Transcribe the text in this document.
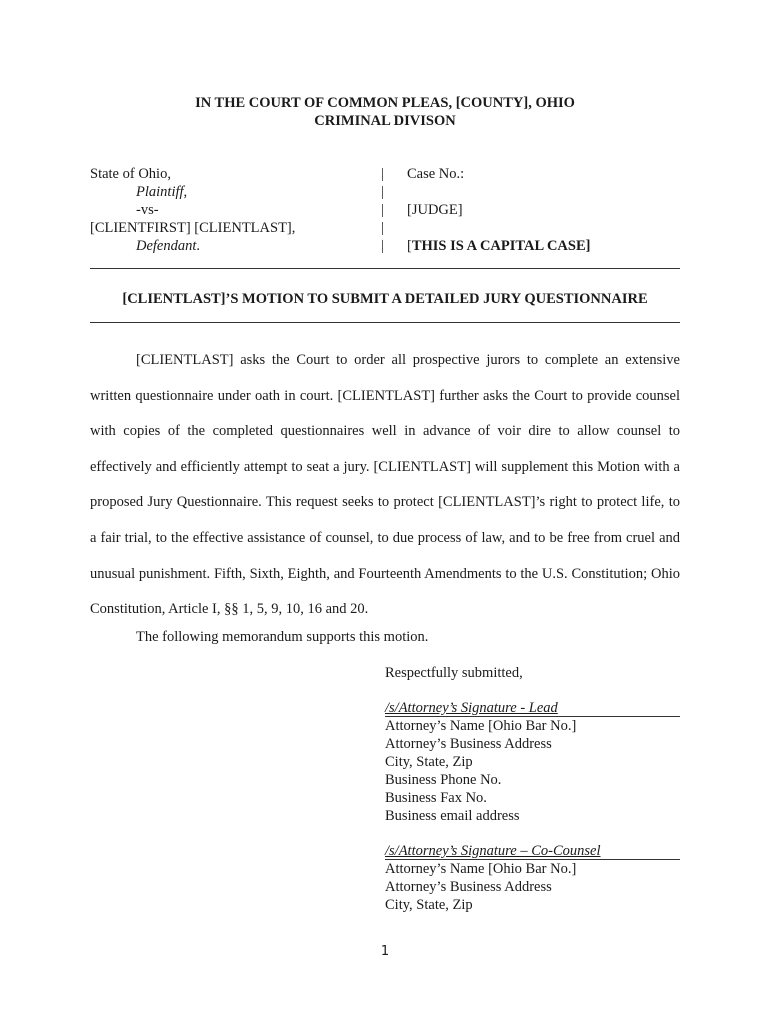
IN THE COURT OF COMMON PLEAS, [COUNTY], OHIO
CRIMINAL DIVISON
State of Ohio,
Plaintiff,
-vs-
[CLIENTFIRST] [CLIENTLAST],
Defendant.
|
|
|
|
|
Case No.:

[JUDGE]

[THIS IS A CAPITAL CASE]
[CLIENTLAST]’S MOTION TO SUBMIT A DETAILED JURY QUESTIONNAIRE
[CLIENTLAST] asks the Court to order all prospective jurors to complete an extensive written questionnaire under oath in court. [CLIENTLAST] further asks the Court to provide counsel with copies of the completed questionnaires well in advance of voir dire to allow counsel to effectively and efficiently attempt to seat a jury. [CLIENTLAST] will supplement this Motion with a proposed Jury Questionnaire. This request seeks to protect [CLIENTLAST]’s right to protect life, to a fair trial, to the effective assistance of counsel, to due process of law, and to be free from cruel and unusual punishment. Fifth, Sixth, Eighth, and Fourteenth Amendments to the U.S. Constitution; Ohio Constitution, Article I, §§ 1, 5, 9, 10, 16 and 20.
The following memorandum supports this motion.
Respectfully submitted,
/s/Attorney’s Signature - Lead
Attorney’s Name [Ohio Bar No.]
Attorney’s Business Address
City, State, Zip
Business Phone No.
Business Fax No.
Business email address
/s/Attorney’s Signature – Co-Counsel
Attorney’s Name [Ohio Bar No.]
Attorney’s Business Address
City, State, Zip
1
